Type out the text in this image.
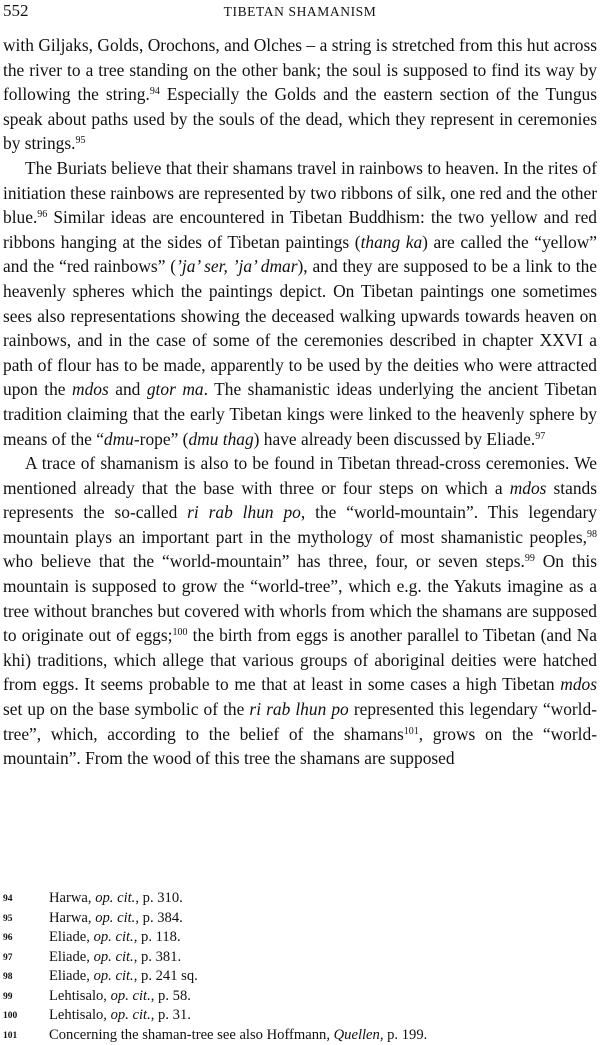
552	TIBETAN SHAMANISM

with Giljaks, Golds, Orochons, and Olches – a string is stretched from this hut across the river to a tree standing on the other bank; the soul is supposed to find its way by following the string.$^{94}$ Especially the Golds and the eastern section of the Tungus speak about paths used by the souls of the dead, which they represent in ceremonies by strings.$^{95}$

The Buriats believe that their shamans travel in rainbows to heaven. In the rites of initiation these rainbows are represented by two ribbons of silk, one red and the other blue.$^{96}$ Similar ideas are encountered in Tibetan Buddhism: the two yellow and red ribbons hanging at the sides of Tibetan paintings (thang ka) are called the “yellow” and the “red rainbows” (’ja’ ser, ’ja’ dmar), and they are supposed to be a link to the heavenly spheres which the paintings depict. On Tibetan paintings one sometimes sees also representations showing the deceased walking upwards towards heaven on rainbows, and in the case of some of the ceremonies described in chapter XXVI a path of flour has to be made, apparently to be used by the deities who were attracted upon the mdos and gtor ma. The shamanistic ideas underlying the ancient Tibetan tradition claiming that the early Tibetan kings were linked to the heavenly sphere by means of the “dmu-rope” (dmu thag) have already been discussed by Eliade.$^{97}$

A trace of shamanism is also to be found in Tibetan thread-cross ceremonies. We mentioned already that the base with three or four steps on which a mdos stands represents the so-called ri rab lhun po, the “world-mountain”. This legendary mountain plays an important part in the mythology of most shamanistic peoples,$^{98}$ who believe that the “world-mountain” has three, four, or seven steps.$^{99}$ On this mountain is supposed to grow the “world-tree”, which e.g. the Yakuts imagine as a tree without branches but covered with whorls from which the shamans are supposed to originate out of eggs;$^{100}$ the birth from eggs is another parallel to Tibetan (and Na khi) traditions, which allege that various groups of aboriginal deities were hatched from eggs. It seems probable to me that at least in some cases a high Tibetan mdos set up on the base symbolic of the ri rab lhun po represented this legendary “world-tree”, which, according to the belief of the shamans$^{101}$, grows on the “world-mountain”. From the wood of this tree the shamans are supposed

94	Harwa, op. cit., p. 310.
95	Harwa, op. cit., p. 384.
96	Eliade, op. cit., p. 118.
97	Eliade, op. cit., p. 381.
98	Eliade, op. cit., p. 241 sq.
99	Lehtisalo, op. cit., p. 58.
100	Lehtisalo, op. cit., p. 31.
101	Concerning the shaman-tree see also Hoffmann, Quellen, p. 199.
